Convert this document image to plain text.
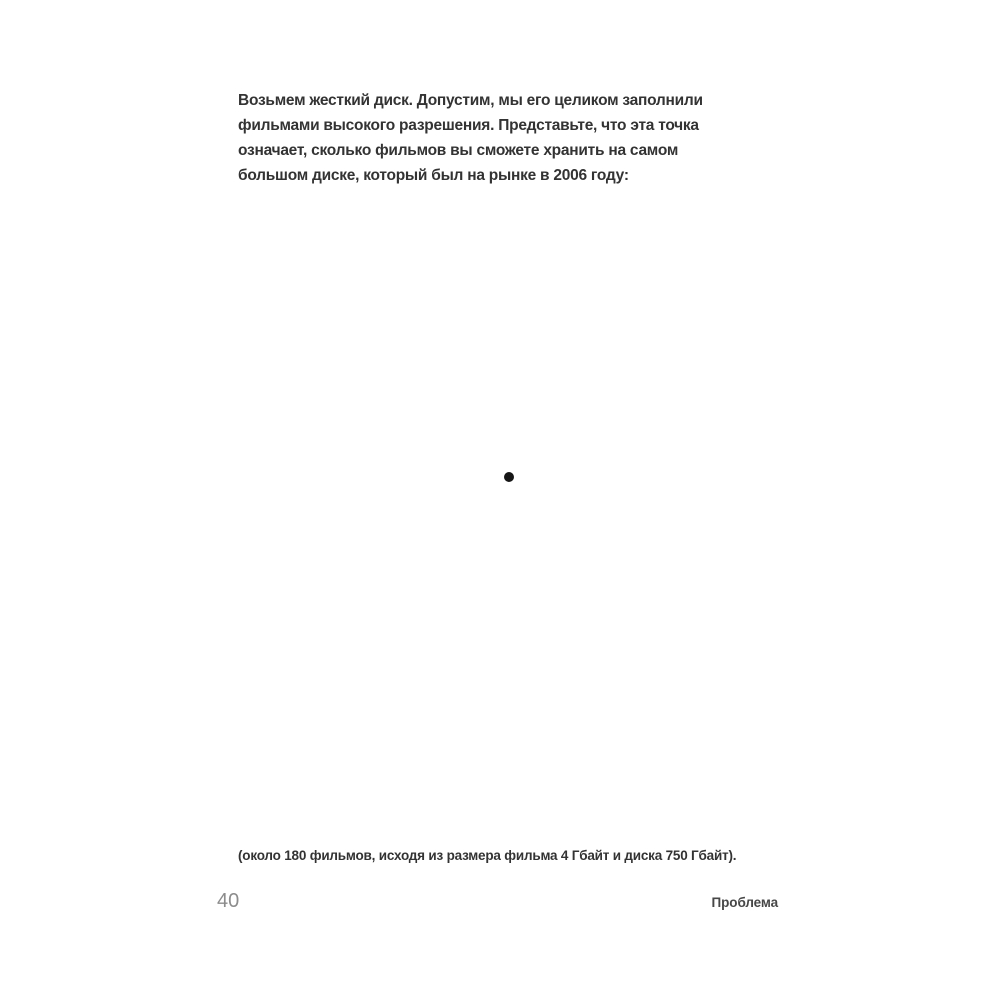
Возьмем жесткий диск. Допустим, мы его целиком заполнили
фильмами высокого разрешения. Представьте, что эта точка
означает, сколько фильмов вы сможете хранить на самом
большом диске, который был на рынке в 2006 году:
(около 180 фильмов, исходя из размера фильма 4 Гбайт и диска 750 Гбайт).
40	Проблема
